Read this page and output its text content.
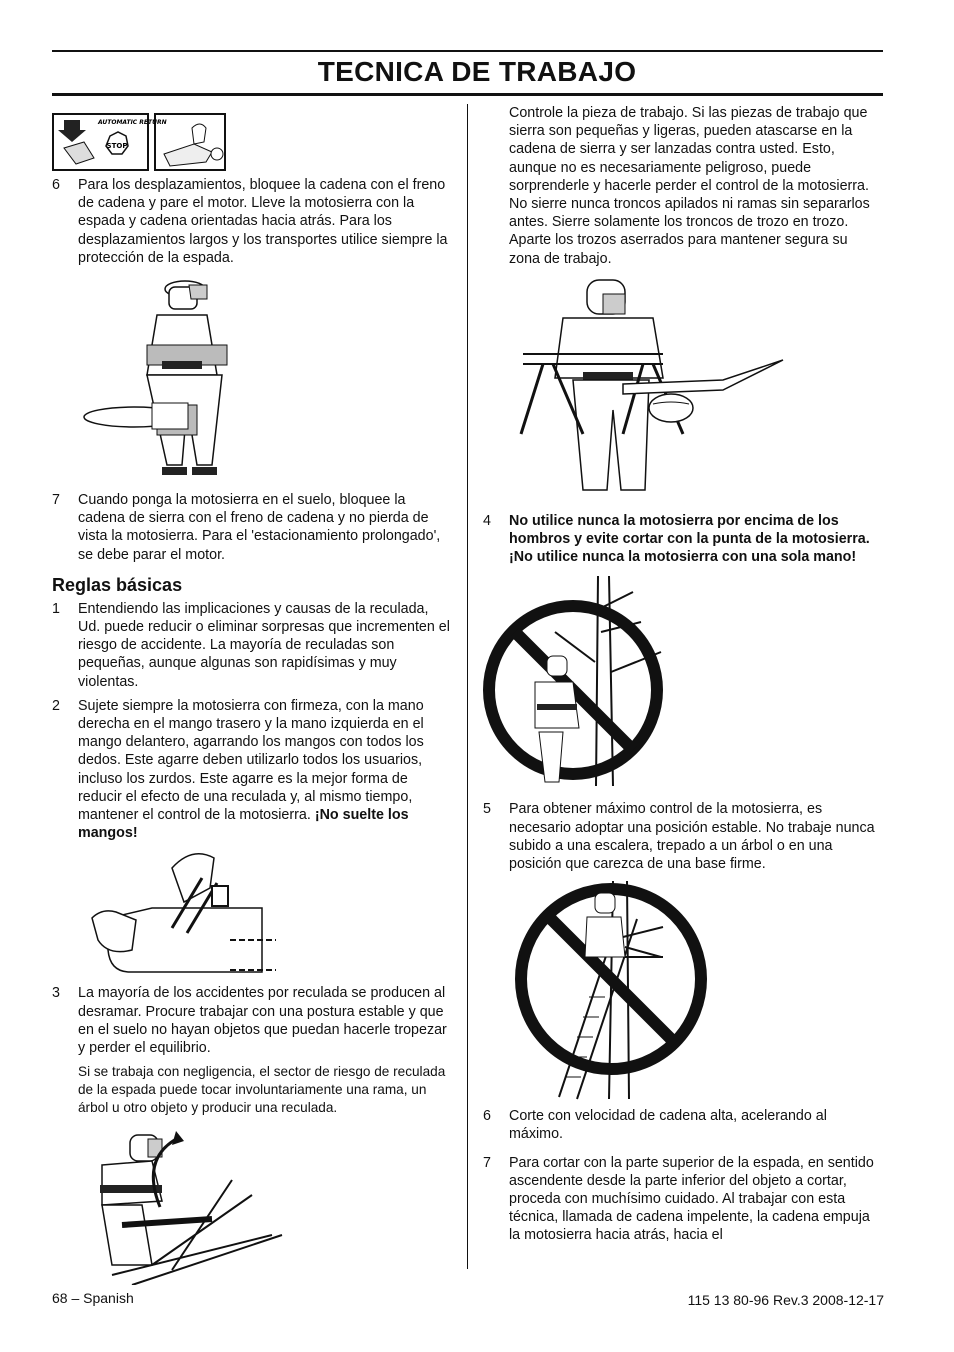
TECNICA DE TRABAJO
AUTOMATIC RETURN
STOP
6 Para los desplazamientos, bloquee la cadena con el freno de cadena y pare el motor. Lleve la motosierra con la espada y cadena orientadas hacia atrás. Para los desplazamientos largos y los transportes utilice siempre la protección de la espada.
7 Cuando ponga la motosierra en el suelo, bloquee la cadena de sierra con el freno de cadena y no pierda de vista la motosierra. Para el 'estacionamiento prolongado', se debe parar el motor.
Reglas básicas
1 Entendiendo las implicaciones y causas de la reculada, Ud. puede reducir o eliminar sorpresas que incrementen el riesgo de accidente. La mayoría de reculadas son pequeñas, aunque algunas son rapidísimas y muy violentas.
2 Sujete siempre la motosierra con firmeza, con la mano derecha en el mango trasero y la mano izquierda en el mango delantero, agarrando los mangos con todos los dedos. Este agarre deben utilizarlo todos los usuarios, incluso los zurdos. Este agarre es la mejor forma de reducir el efecto de una reculada y, al mismo tiempo, mantener el control de la motosierra. ¡No suelte los mangos!
3 La mayoría de los accidentes por reculada se producen al desramar. Procure trabajar con una postura estable y que en el suelo no hayan objetos que puedan hacerle tropezar y perder el equilibrio.
Si se trabaja con negligencia, el sector de riesgo de reculada de la espada puede tocar involuntariamente una rama, un árbol u otro objeto y producir una reculada.
Controle la pieza de trabajo. Si las piezas de trabajo que sierra son pequeñas y ligeras, pueden atascarse en la cadena de sierra y ser lanzadas contra usted. Esto, aunque no es necesariamente peligroso, puede sorprenderle y hacerle perder el control de la motosierra. No sierre nunca troncos apilados ni ramas sin separarlos antes. Sierre solamente los troncos de trozo en trozo. Aparte los trozos aserrados para mantener segura su zona de trabajo.
4 No utilice nunca la motosierra por encima de los hombros y evite cortar con la punta de la motosierra. ¡No utilice nunca la motosierra con una sola mano!
5 Para obtener máximo control de la motosierra, es necesario adoptar una posición estable. No trabaje nunca subido a una escalera, trepado a un árbol o en una posición que carezca de una base firme.
6 Corte con velocidad de cadena alta, acelerando al máximo.
7 Para cortar con la parte superior de la espada, en sentido ascendente desde la parte inferior del objeto a cortar, proceda con muchísimo cuidado. Al trabajar con esta técnica, llamada de cadena impelente, la cadena empuja la motosierra hacia atrás, hacia el
68 – Spanish	115 13 80-96 Rev.3 2008-12-17
